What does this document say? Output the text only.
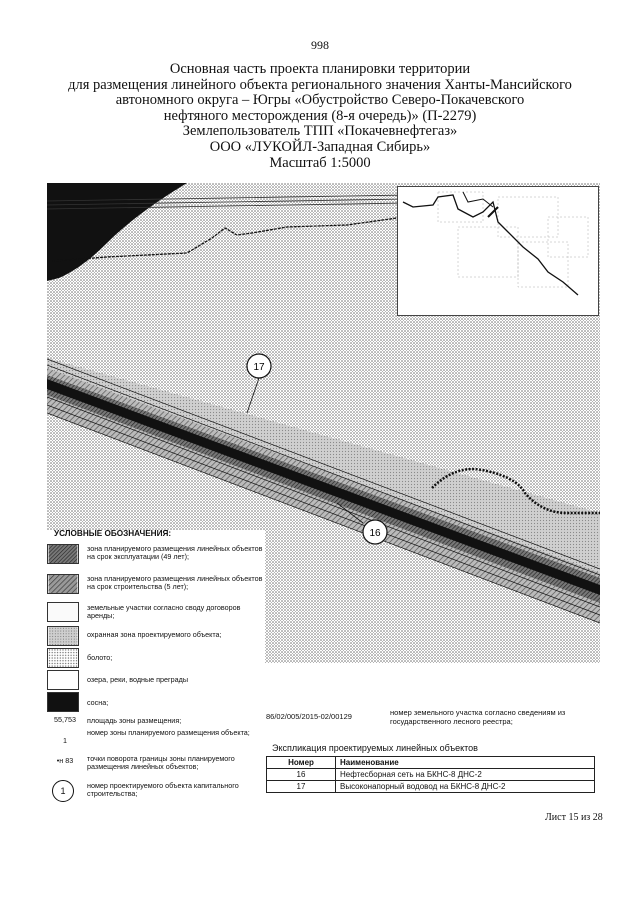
998
Основная часть проекта планировки территории
для размещения линейного объекта регионального значения Ханты-Мансийского
автономного округа – Югры «Обустройство Северо-Покачевского
нефтяного месторождения (8-я очередь)» (П-2279)
Землепользователь ТПП «Покачевнефтегаз»
ООО «ЛУКОЙЛ-Западная Сибирь»
Масштаб 1:5000
17
16
УСЛОВНЫЕ ОБОЗНАЧЕНИЯ:
зона планируемого размещения линейных объектов на срок эксплуатации (49 лет);
зона планируемого размещения линейных объектов на срок строительства (5 лет);
земельные участки согласно своду договоров аренды;
охранная зона проектируемого объекта;
болото;
озера, реки, водные преграды
сосна;
55,753	площадь зоны размещения;
1
номер зоны планируемого размещения объекта;
•н 83	точки поворота границы зоны планируемого размещения линейных объектов;
1
номер проектируемого объекта капитального строительства;
86/02/005/2015-02/00129	номер земельного участка согласно сведениям из государственного лесного реестра;
Экспликация проектируемых линейных объектов
Номер	Наименование
16	Нефтесборная сеть на БКНС-8 ДНС-2
17	Высоконапорный водовод на БКНС-8 ДНС-2
Лист 15 из 28
